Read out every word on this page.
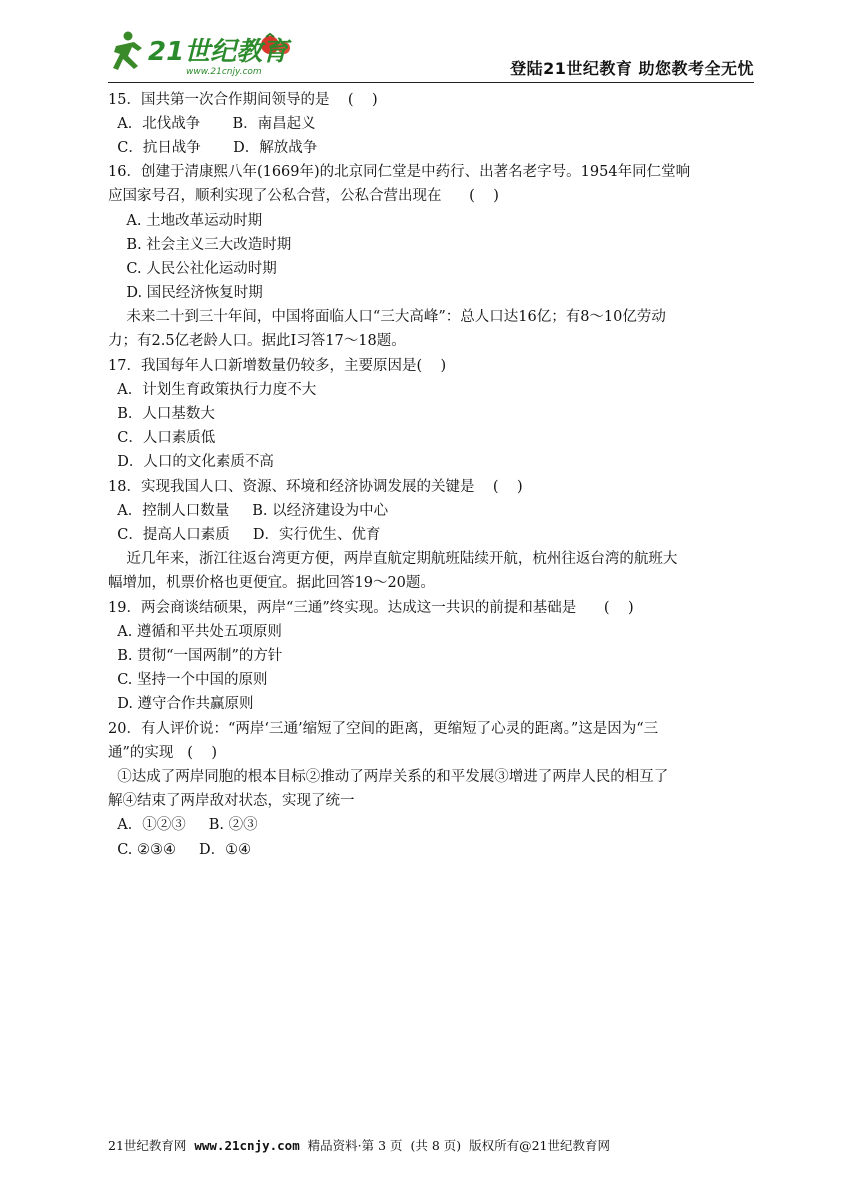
21世纪教育
www.21cnjy.com	登陆21世纪教育 助您教考全无忧
15．国共第一次合作期间领导的是    (    )
A．北伐战争       B．南昌起义
C．抗日战争       D．解放战争
16．创建于清康熙八年(1669年)的北京同仁堂是中药行、出著名老字号。1954年同仁堂响
应国家号召，顺利实现了公私合营，公私合营出现在      (    )
A. 土地改革运动时期
B. 社会主义三大改造时期
C. 人民公社化运动时期
D. 国民经济恢复时期
未来二十到三十年间，中国将面临人口“三大高峰”：总人口达16亿；有8～10亿劳动
力；有2.5亿老龄人口。据此Ⅰ习答17～18题。
17．我国每年人口新增数量仍较多，主要原因是(    )
A．计划生育政策执行力度不大
B．人口基数大
C．人口素质低
D．人口的文化素质不高
18．实现我国人口、资源、环境和经济协调发展的关键是    (    )
A．控制人口数量     B. 以经济建设为中心
C．提高人口素质     D．实行优生、优育
近几年来，浙江往返台湾更方便，两岸直航定期航班陆续开航，杭州往返台湾的航班大
幅增加，机票价格也更便宜。据此回答19～20题。
19．两会商谈结硕果，两岸“三通”终实现。达成这一共识的前提和基础是      (    )
A. 遵循和平共处五项原则
B. 贯彻“一国两制”的方针
C. 坚持一个中国的原则
D. 遵守合作共赢原则
20．有人评价说：“两岸‘三通’缩短了空间的距离，更缩短了心灵的距离。”这是因为“三
通”的实现   (    )
①达成了两岸同胞的根本目标②推动了两岸关系的和平发展③增进了两岸人民的相互了
解④结束了两岸敌对状态，实现了统一
A．①②③     B. ②③
C. ②③④     D．①④
21世纪教育网 www.21cnjy.com 精品资料·第 3 页  (共 8 页)  版权所有@21世纪教育网
